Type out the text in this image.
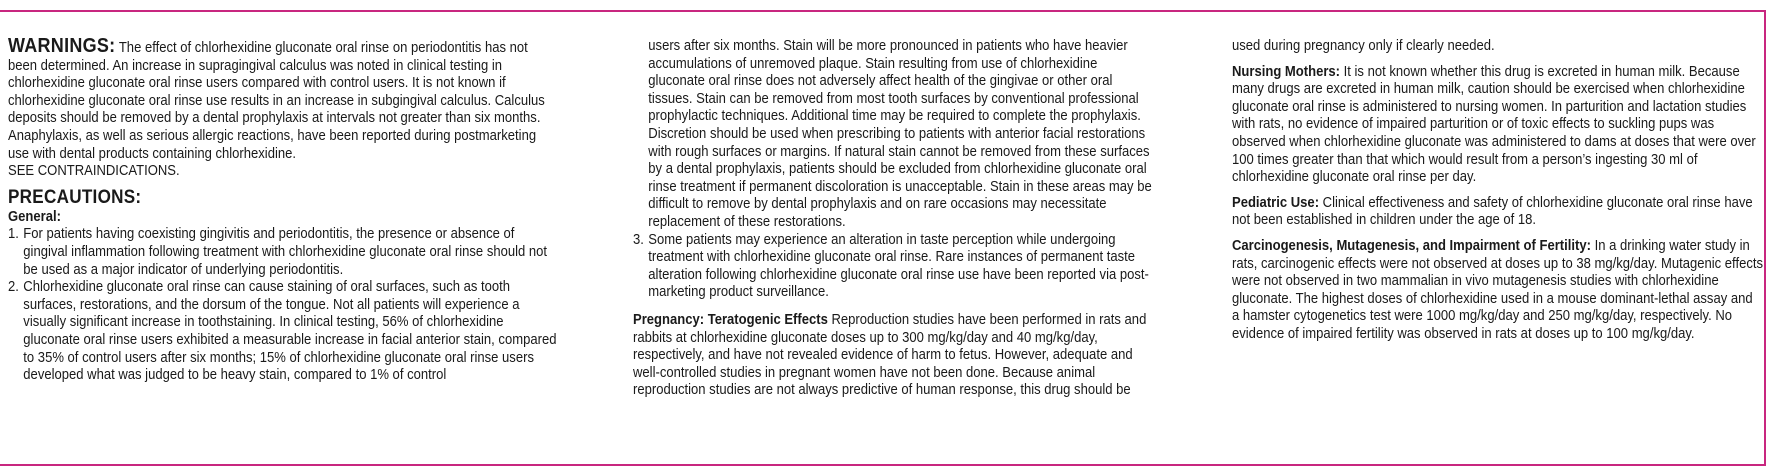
WARNINGS: The effect of chlorhexidine gluconate oral rinse on periodontitis has not been determined. An increase in supragingival calculus was noted in clinical testing in chlorhexidine gluconate oral rinse users compared with control users. It is not known if chlorhexidine gluconate oral rinse use results in an increase in subgingival calculus. Calculus deposits should be removed by a dental prophylaxis at intervals not greater than six months. Anaphylaxis, as well as serious allergic reactions, have been reported during postmarketing use with dental products containing chlorhexidine.

SEE CONTRAINDICATIONS.

PRECAUTIONS:

General:

1. For patients having coexisting gingivitis and periodontitis, the presence or absence of gingival inflammation following treatment with chlorhexidine gluconate oral rinse should not be used as a major indicator of underlying periodontitis.
2. Chlorhexidine gluconate oral rinse can cause staining of oral surfaces, such as tooth surfaces, restorations, and the dorsum of the tongue. Not all patients will experience a visually significant increase in toothstaining. In clinical testing, 56% of chlorhexidine gluconate oral rinse users exhibited a measurable increase in facial anterior stain, compared to 35% of control users after six months; 15% of chlorhexidine gluconate oral rinse users developed what was judged to be heavy stain, compared to 1% of control

users after six months. Stain will be more pronounced in patients who have heavier accumulations of unremoved plaque. Stain resulting from use of chlorhexidine gluconate oral rinse does not adversely affect health of the gingivae or other oral tissues. Stain can be removed from most tooth surfaces by conventional professional prophylactic techniques. Additional time may be required to complete the prophylaxis. Discretion should be used when prescribing to patients with anterior facial restorations with rough surfaces or margins. If natural stain cannot be removed from these surfaces by a dental prophylaxis, patients should be excluded from chlorhexidine gluconate oral rinse treatment if permanent discoloration is unacceptable. Stain in these areas may be difficult to remove by dental prophylaxis and on rare occasions may necessitate replacement of these restorations.

3. Some patients may experience an alteration in taste perception while undergoing treatment with chlorhexidine gluconate oral rinse. Rare instances of permanent taste alteration following chlorhexidine gluconate oral rinse use have been reported via post-marketing product surveillance.

Pregnancy: Teratogenic Effects Reproduction studies have been performed in rats and rabbits at chlorhexidine gluconate doses up to 300 mg/kg/day and 40 mg/kg/day, respectively, and have not revealed evidence of harm to fetus. However, adequate and well-controlled studies in pregnant women have not been done. Because animal reproduction studies are not always predictive of human response, this drug should be

used during pregnancy only if clearly needed.

Nursing Mothers: It is not known whether this drug is excreted in human milk. Because many drugs are excreted in human milk, caution should be exercised when chlorhexidine gluconate oral rinse is administered to nursing women. In parturition and lactation studies with rats, no evidence of impaired parturition or of toxic effects to suckling pups was observed when chlorhexidine gluconate was administered to dams at doses that were over 100 times greater than that which would result from a person’s ingesting 30 ml of chlorhexidine gluconate oral rinse per day.

Pediatric Use: Clinical effectiveness and safety of chlorhexidine gluconate oral rinse have not been established in children under the age of 18.

Carcinogenesis, Mutagenesis, and Impairment of Fertility: In a drinking water study in rats, carcinogenic effects were not observed at doses up to 38 mg/kg/day. Mutagenic effects were not observed in two mammalian in vivo mutagenesis studies with chlorhexidine gluconate. The highest doses of chlorhexidine used in a mouse dominant-lethal assay and a hamster cytogenetics test were 1000 mg/kg/day and 250 mg/kg/day, respectively. No evidence of impaired fertility was observed in rats at doses up to 100 mg/kg/day.
